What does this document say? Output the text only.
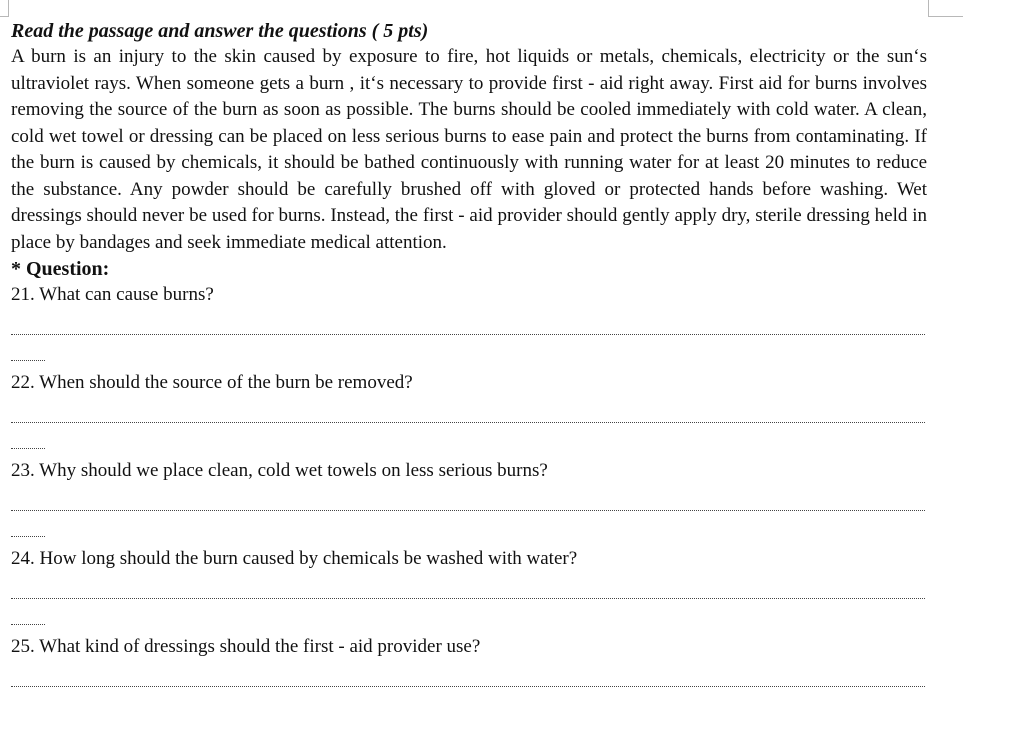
Read the passage and answer the questions ( 5 pts)

A burn is an injury to the skin caused by exposure to fire, hot liquids or metals, chemicals, electricity or the sun‘s ultraviolet rays. When someone gets a burn , it‘s necessary to provide first - aid right away. First aid for burns involves removing the source of the burn as soon as possible. The burns should be cooled immediately with cold water. A clean, cold wet towel or dressing can be placed on less serious burns to ease pain and protect the burns from contaminating. If the burn is caused by chemicals, it should be bathed continuously with running water for at least 20 minutes to reduce the substance. Any powder should be carefully brushed off with gloved or protected hands before washing. Wet dressings should never be used for burns. Instead, the first - aid provider should gently apply dry, sterile dressing held in place by bandages and seek immediate medical attention.

* Question:

21. What can cause burns?

22. When should the source of the burn be removed?

23. Why should we place clean, cold wet towels on less serious burns?

24. How long should the burn caused by chemicals be washed with water?

25. What kind of dressings should the first - aid provider use?
